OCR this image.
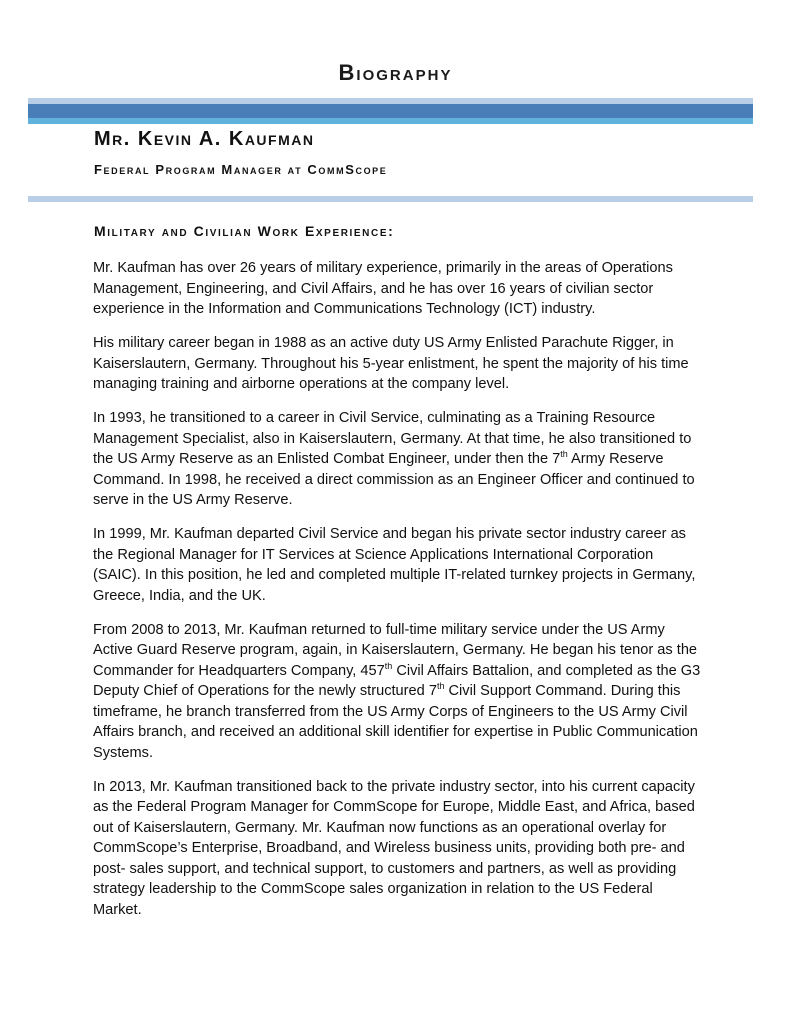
Biography
Mr. Kevin A. Kaufman
Federal Program Manager at CommScope
Military and Civilian Work Experience:

Mr. Kaufman has over 26 years of military experience, primarily in the areas of Operations Management, Engineering, and Civil Affairs, and he has over 16 years of civilian sector experience in the Information and Communications Technology (ICT) industry.

His military career began in 1988 as an active duty US Army Enlisted Parachute Rigger, in Kaiserslautern, Germany. Throughout his 5-year enlistment, he spent the majority of his time managing training and airborne operations at the company level.

In 1993, he transitioned to a career in Civil Service, culminating as a Training Resource Management Specialist, also in Kaiserslautern, Germany. At that time, he also transitioned to the US Army Reserve as an Enlisted Combat Engineer, under then the 7th Army Reserve Command. In 1998, he received a direct commission as an Engineer Officer and continued to serve in the US Army Reserve.

In 1999, Mr. Kaufman departed Civil Service and began his private sector industry career as the Regional Manager for IT Services at Science Applications International Corporation (SAIC). In this position, he led and completed multiple IT-related turnkey projects in Germany, Greece, India, and the UK.

From 2008 to 2013, Mr. Kaufman returned to full-time military service under the US Army Active Guard Reserve program, again, in Kaiserslautern, Germany. He began his tenor as the Commander for Headquarters Company, 457th Civil Affairs Battalion, and completed as the G3 Deputy Chief of Operations for the newly structured 7th Civil Support Command. During this timeframe, he branch transferred from the US Army Corps of Engineers to the US Army Civil Affairs branch, and received an additional skill identifier for expertise in Public Communication Systems.

In 2013, Mr. Kaufman transitioned back to the private industry sector, into his current capacity as the Federal Program Manager for CommScope for Europe, Middle East, and Africa, based out of Kaiserslautern, Germany. Mr. Kaufman now functions as an operational overlay for CommScope’s Enterprise, Broadband, and Wireless business units, providing both pre- and post- sales support, and technical support, to customers and partners, as well as providing strategy leadership to the CommScope sales organization in relation to the US Federal Market.
